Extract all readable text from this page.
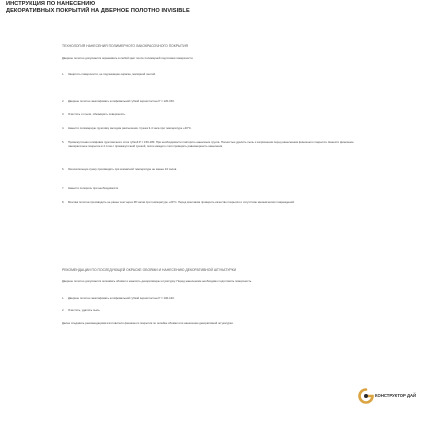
ИНСТРУКЦИЯ ПО НАНЕСЕНИЮ
ДЕКОРАТИВНЫХ ПОКРЫТИЙ НА ДВЕРНОЕ ПОЛОТНО INVISIBLE
ТЕХНОЛОГИЯ НАНЕСЕНИЯ ПОЛИМЕРНОГО ЛАКОКРАСОЧНОГО ПОКРЫТИЯ
Дверное полотно допускается окрашивать в любой цвет после полимерной подготовки поверхности.
1.	Защитить поверхности, не подлежащие окраске, малярной лентой.
2.	Дверное полотно зашлифовать шлифовальной губкой зернистостью P = 120-150.
3.	Очистить от пыли, обезжирить поверхность.
4.	Нанести полимерную грунтовку методом распыления. Сушка 3-4 часа при температуре +20°С.
5.	Промежуточная шлифовка грунтовочного слоя губкой P = 150-180. При необходимости повторить нанесение грунта. Полностью удалить пыль и загрязнения перед нанесением финишного покрытия. Нанести финишное лакокрасочное покрытие в 2 слоя с промежуточной сушкой, после каждого слоя проверить равномерность нанесения.
6.	Окончательную сушку производить при комнатной температуре не менее 24 часов.
7.	Нанести полироль при необходимости.
8.	Монтаж полотна производить не ранее чем через 48 часов при температуре +20°С. Перед монтажом проверить качество покрытия и отсутствие механических повреждений.
РЕКОМЕНДАЦИИ ПО ПОСЛЕДУЮЩЕЙ ОКРАСКЕ ОБОЯМИ И НАНЕСЕНИЮ ДЕКОРАТИВНОЙ ШТУКАТУРКИ
Дверное полотно допускается оклеивать обоями и наносить декоративную штукатурку. Перед нанесением необходимо подготовить поверхность.
1.	Дверное полотно зашлифовать шлифовальной губкой зернистостью P = 100-120.
2.	Очистить, удалить пыль.
Далее следовать рекомендациям изготовителя финишного покрытия по оклейке обоями или нанесению декоративной штукатурки.
КОНСТРУКТОР ДАЙ
